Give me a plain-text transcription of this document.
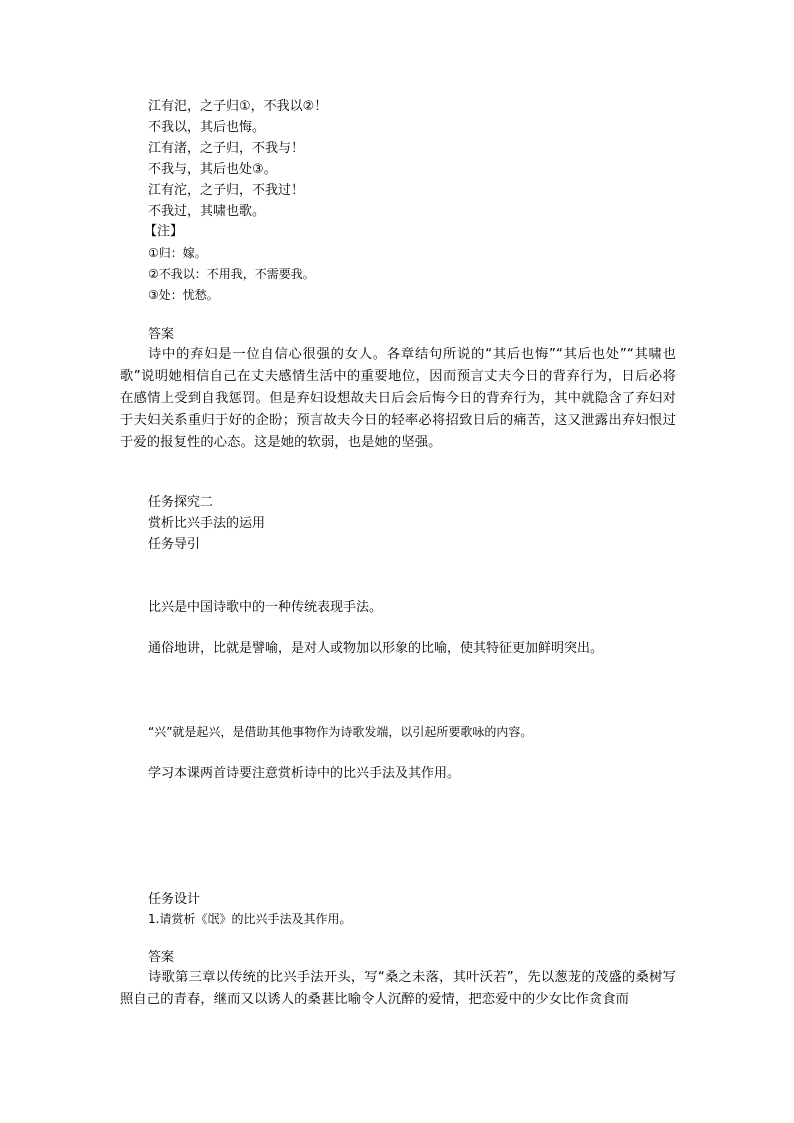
江有汜，之子归①，不我以②！

不我以，其后也悔。

江有渚，之子归，不我与！

不我与，其后也处③。

江有沱，之子归，不我过！

不我过，其啸也歌。

【注】

①归：嫁。

②不我以：不用我，不需要我。

③处：忧愁。

答案

诗中的弃妇是一位自信心很强的女人。各章结句所说的“其后也悔”“其后也处”“其啸也歌”说明她相信自己在丈夫感情生活中的重要地位，因而预言丈夫今日的背弃行为，日后必将在感情上受到自我惩罚。但是弃妇设想故夫日后会后悔今日的背弃行为，其中就隐含了弃妇对于夫妇关系重归于好的企盼；预言故夫今日的轻率必将招致日后的痛苦，这又泄露出弃妇恨过于爱的报复性的心态。这是她的软弱，也是她的坚强。

任务探究二

赏析比兴手法的运用

任务导引

比兴是中国诗歌中的一种传统表现手法。

通俗地讲，比就是譬喻，是对人或物加以形象的比喻，使其特征更加鲜明突出。

“兴”就是起兴，是借助其他事物作为诗歌发端，以引起所要歌咏的内容。

学习本课两首诗要注意赏析诗中的比兴手法及其作用。

任务设计

1.请赏析《氓》的比兴手法及其作用。

答案

诗歌第三章以传统的比兴手法开头，写“桑之未落，其叶沃若”，先以葱茏的茂盛的桑树写照自己的青春，继而又以诱人的桑葚比喻令人沉醉的爱情，把恋爱中的少女比作贪食而
